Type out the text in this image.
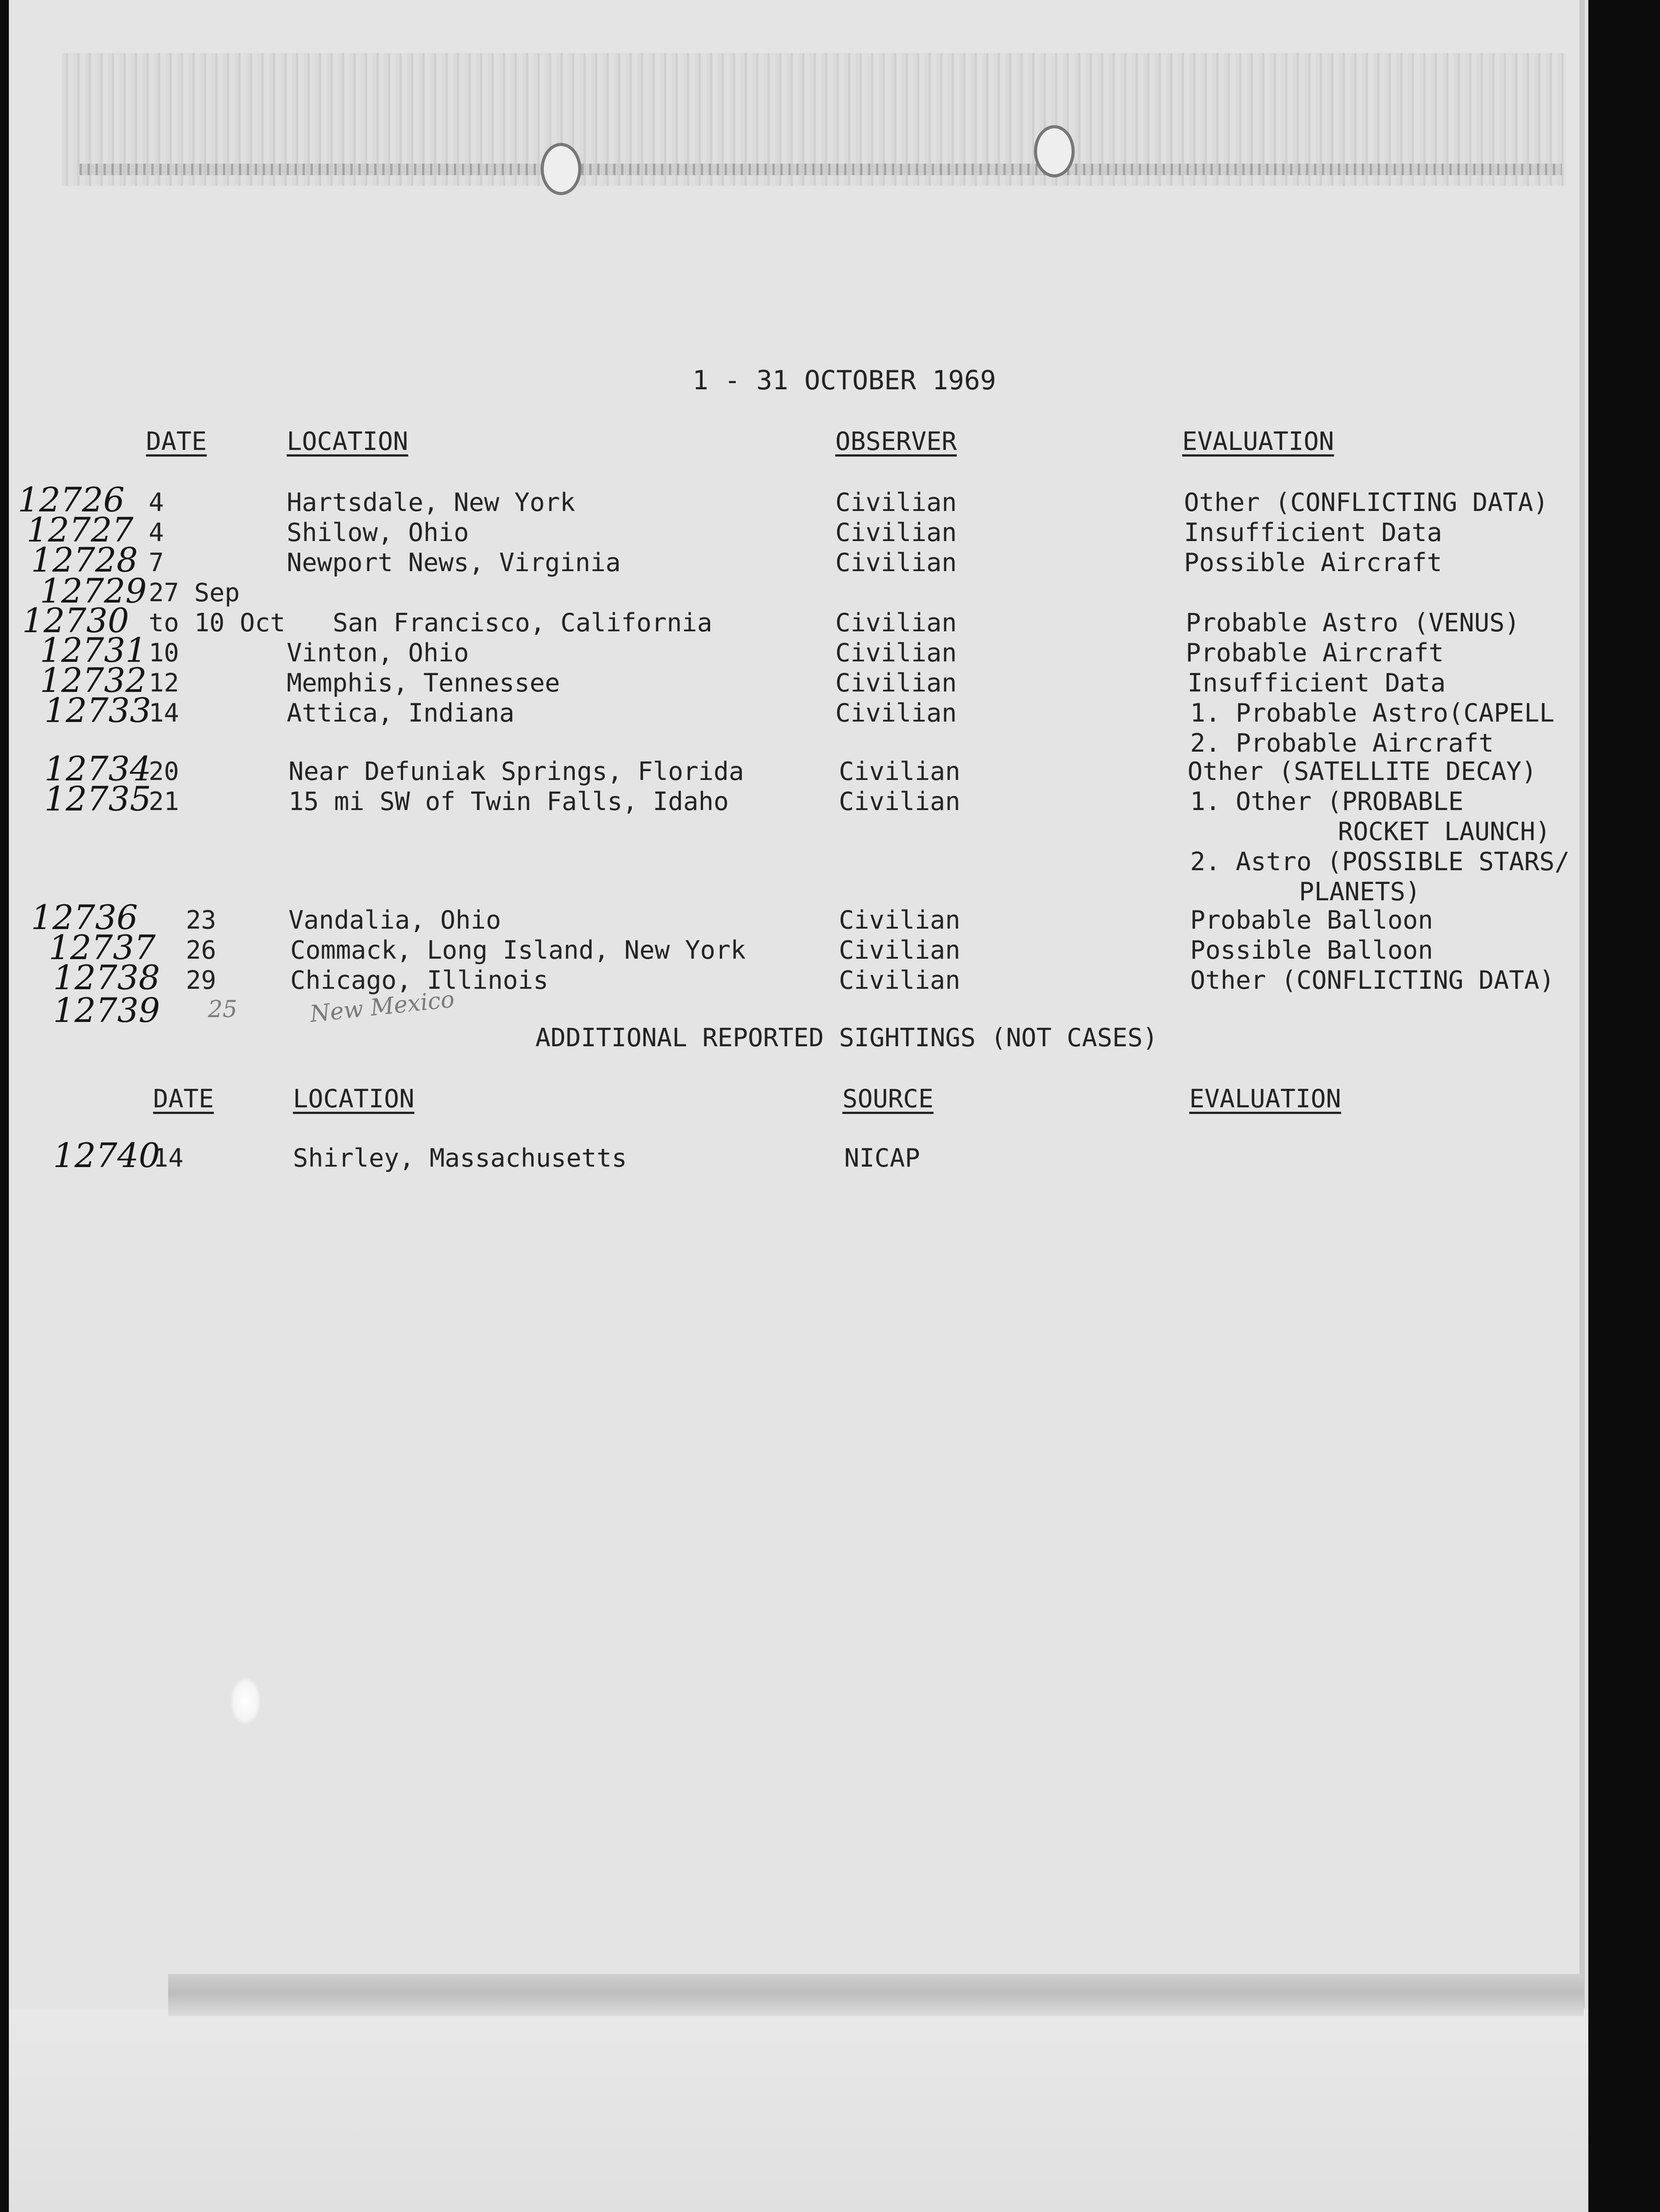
1 - 31 OCTOBER 1969
DATE	LOCATION	OBSERVER	EVALUATION
12726 4	Hartsdale, New York	Civilian	Other (CONFLICTING DATA)
12727 4	Shilow, Ohio	Civilian	Insufficient Data
12728 7	Newport News, Virginia	Civilian	Possible Aircraft
12729 27 Sep
12730 to 10 Oct San Francisco, California	Civilian	Probable Astro (VENUS)
12731 10	Vinton, Ohio	Civilian	Probable Aircraft
12732 12	Memphis, Tennessee	Civilian	Insufficient Data
12733
14	Attica, Indiana	Civilian	1. Probable Astro(CAPELL
2. Probable Aircraft
12734
20	Near Defuniak Springs, Florida	Civilian	Other (SATELLITE DECAY)
12735
21	15 mi SW of Twin Falls, Idaho	Civilian	1. Other (PROBABLE
ROCKET LAUNCH)
2. Astro (POSSIBLE STARS/
PLANETS)
12736 23	Vandalia, Ohio	Civilian	Probable Balloon
12737 26	Commack, Long Island, New York	Civilian	Possible Balloon
12738 29	Chicago, Illinois	Civilian	Other (CONFLICTING DATA)
12739 25	New Mexico
ADDITIONAL REPORTED SIGHTINGS (NOT CASES)
DATE	LOCATION	SOURCE	EVALUATION
12740
14	Shirley, Massachusetts	NICAP
